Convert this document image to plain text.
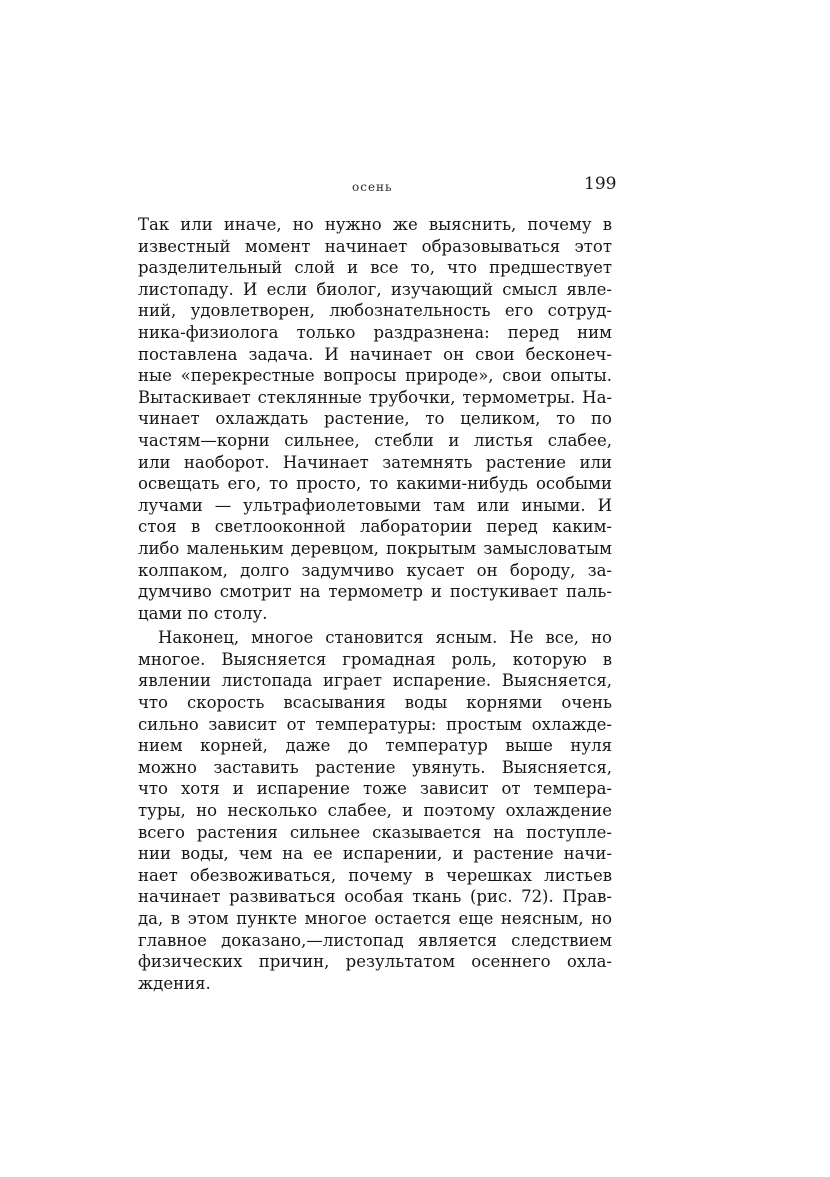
осень	199
Так или иначе, но нужно же выяснить, почему в
известный момент начинает образовываться этот
разделительный слой и все то, что предшествует
листопаду. И если биолог, изучающий смысл явле-
ний, удовлетворен, любознательность его сотруд-
ника-физиолога только раздразнена: перед ним
поставлена задача. И начинает он свои бесконеч-
ные «перекрестные вопросы природе», свои опыты.
Вытаскивает стеклянные трубочки, термометры. На-
чинает охлаждать растение, то целиком, то по
частям—корни сильнее, стебли и листья слабее,
или наоборот. Начинает затемнять растение или
освещать его, то просто, то какими-нибудь особыми
лучами — ультрафиолетовыми там или иными. И
стоя в светлооконной лаборатории перед каким-
либо маленьким деревцом, покрытым замысловатым
колпаком, долго задумчиво кусает он бороду, за-
думчиво смотрит на термометр и постукивает паль-
цами по столу.
Наконец, многое становится ясным. Не все, но
многое. Выясняется громадная роль, которую в
явлении листопада играет испарение. Выясняется,
что скорость всасывания воды корнями очень
сильно зависит от температуры: простым охлажде-
нием корней, даже до температур выше нуля
можно заставить растение увянуть. Выясняется,
что хотя и испарение тоже зависит от темпера-
туры, но несколько слабее, и поэтому охлаждение
всего растения сильнее сказывается на поступле-
нии воды, чем на ее испарении, и растение начи-
нает обезвоживаться, почему в черешках листьев
начинает развиваться особая ткань (рис. 72). Прав-
да, в этом пункте многое остается еще неясным, но
главное доказано,—листопад является следствием
физических причин, результатом осеннего охла-
ждения.
